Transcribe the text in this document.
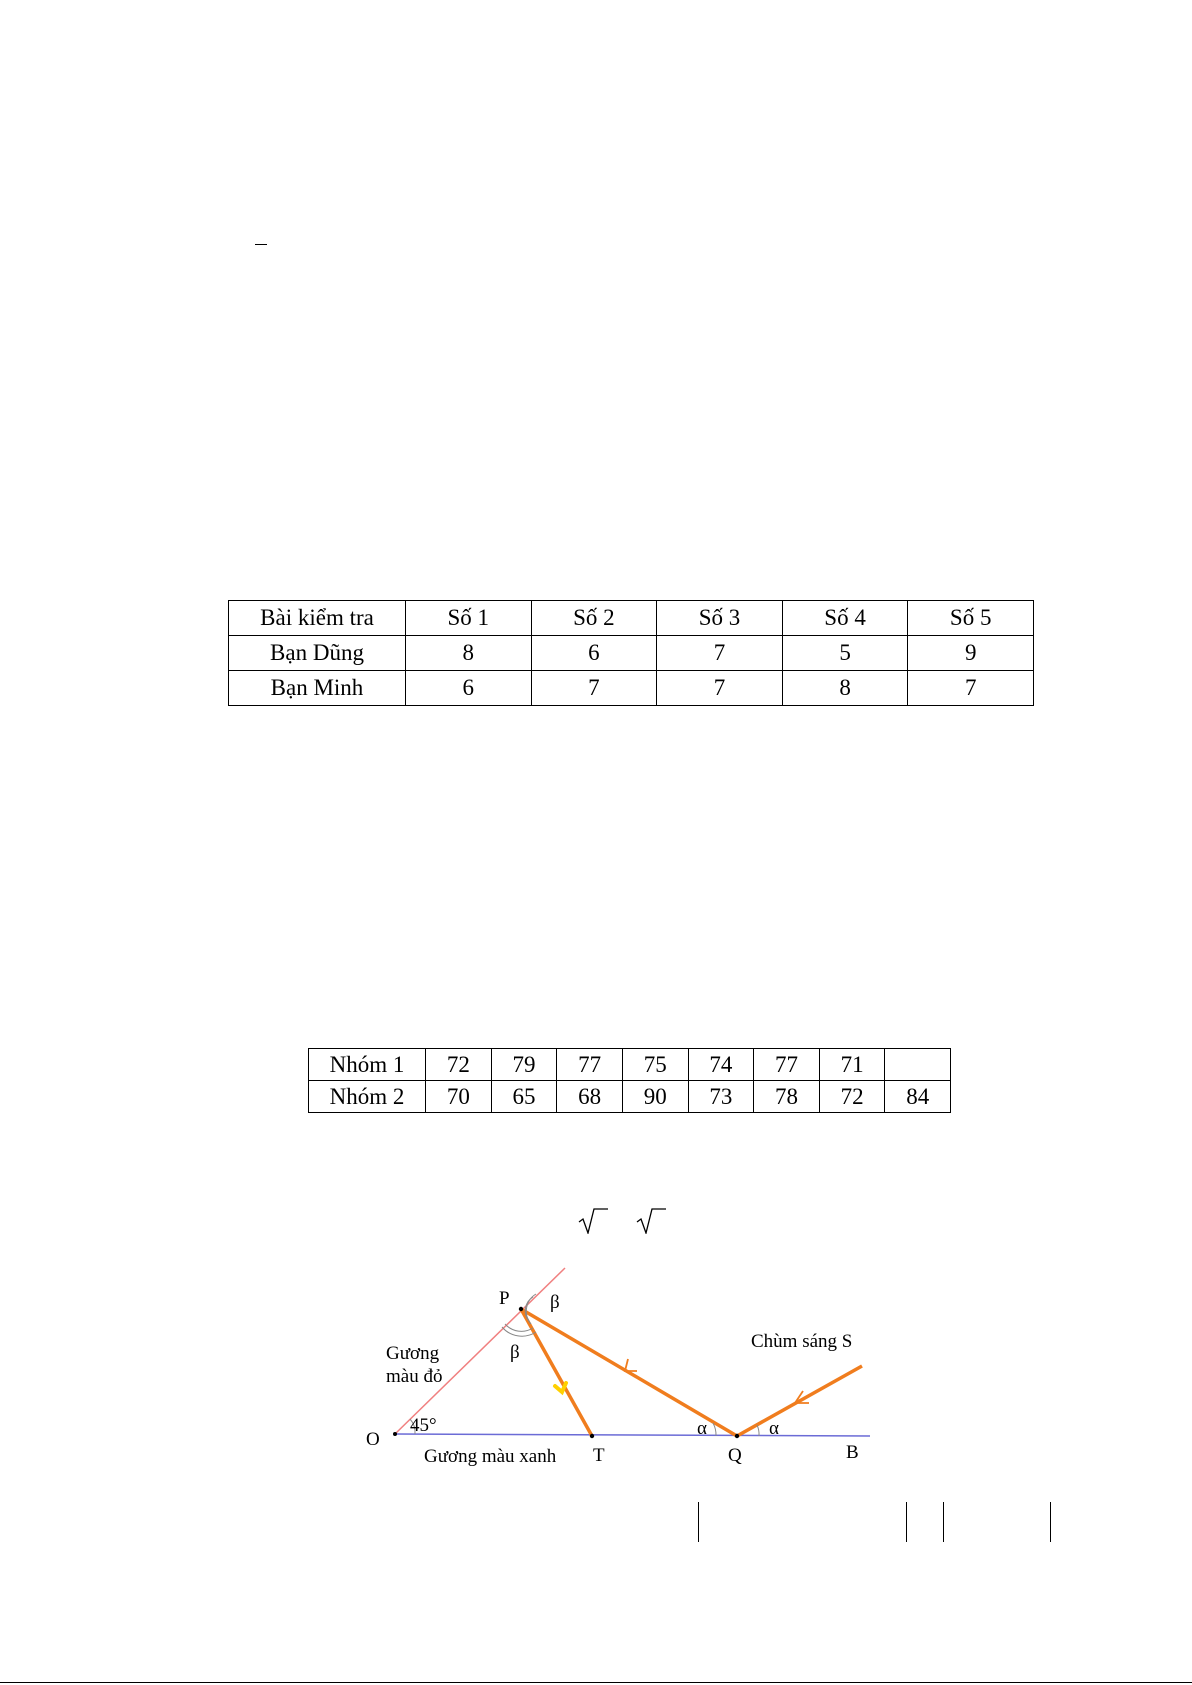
Bài kiểm tra	Số 1	Số 2	Số 3	Số 4	Số 5
Bạn Dũng	8	6	7	5	9
Bạn Minh	6	7	7	8	7
Nhóm 1	72	79	77	75	74	77	71	
Nhóm 2	70	65	68	90	73	78	72	84
P β
β
Gương
màu đỏ
Chùm sáng S
O
45°	α	α
Gương màu xanh T	Q	B
